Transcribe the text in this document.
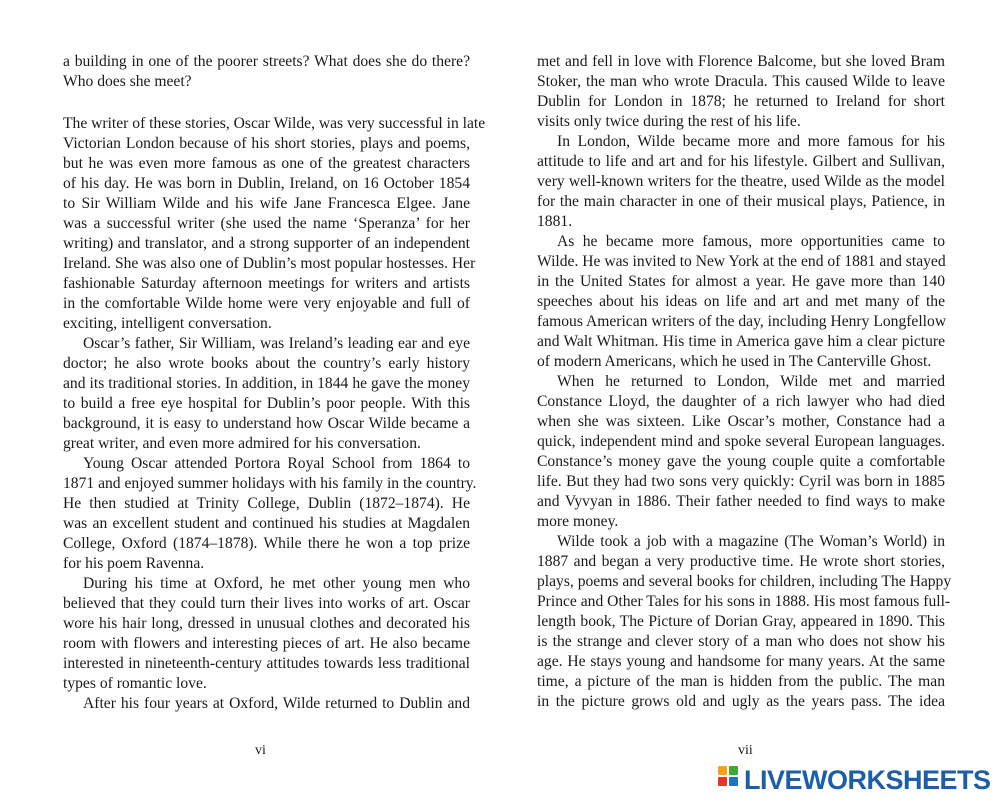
a building in one of the poorer streets? What does she do there?
Who does she meet?
The writer of these stories, Oscar Wilde, was very successful in late
Victorian London because of his short stories, plays and poems,
but he was even more famous as one of the greatest characters
of his day. He was born in Dublin, Ireland, on 16 October 1854
to Sir William Wilde and his wife Jane Francesca Elgee. Jane
was a successful writer (she used the name ‘Speranza’ for her
writing) and translator, and a strong supporter of an independent
Ireland. She was also one of Dublin’s most popular hostesses. Her
fashionable Saturday afternoon meetings for writers and artists
in the comfortable Wilde home were very enjoyable and full of
exciting, intelligent conversation.
Oscar’s father, Sir William, was Ireland’s leading ear and eye
doctor; he also wrote books about the country’s early history
and its traditional stories. In addition, in 1844 he gave the money
to build a free eye hospital for Dublin’s poor people. With this
background, it is easy to understand how Oscar Wilde became a
great writer, and even more admired for his conversation.
Young Oscar attended Portora Royal School from 1864 to
1871 and enjoyed summer holidays with his family in the country.
He then studied at Trinity College, Dublin (1872–1874). He
was an excellent student and continued his studies at Magdalen
College, Oxford (1874–1878). While there he won a top prize
for his poem Ravenna.
During his time at Oxford, he met other young men who
believed that they could turn their lives into works of art. Oscar
wore his hair long, dressed in unusual clothes and decorated his
room with flowers and interesting pieces of art. He also became
interested in nineteenth-century attitudes towards less traditional
types of romantic love.
After his four years at Oxford, Wilde returned to Dublin and
met and fell in love with Florence Balcome, but she loved Bram
Stoker, the man who wrote Dracula. This caused Wilde to leave
Dublin for London in 1878; he returned to Ireland for short
visits only twice during the rest of his life.
In London, Wilde became more and more famous for his
attitude to life and art and for his lifestyle. Gilbert and Sullivan,
very well-known writers for the theatre, used Wilde as the model
for the main character in one of their musical plays, Patience, in
1881.
As he became more famous, more opportunities came to
Wilde. He was invited to New York at the end of 1881 and stayed
in the United States for almost a year. He gave more than 140
speeches about his ideas on life and art and met many of the
famous American writers of the day, including Henry Longfellow
and Walt Whitman. His time in America gave him a clear picture
of modern Americans, which he used in The Canterville Ghost.
When he returned to London, Wilde met and married
Constance Lloyd, the daughter of a rich lawyer who had died
when she was sixteen. Like Oscar’s mother, Constance had a
quick, independent mind and spoke several European languages.
Constance’s money gave the young couple quite a comfortable
life. But they had two sons very quickly: Cyril was born in 1885
and Vyvyan in 1886. Their father needed to find ways to make
more money.
Wilde took a job with a magazine (The Woman’s World) in
1887 and began a very productive time. He wrote short stories,
plays, poems and several books for children, including The Happy
Prince and Other Tales for his sons in 1888. His most famous full-
length book, The Picture of Dorian Gray, appeared in 1890. This
is the strange and clever story of a man who does not show his
age. He stays young and handsome for many years. At the same
time, a picture of the man is hidden from the public. The man
in the picture grows old and ugly as the years pass. The idea
vi	vii
LIVEWORKSHEETS
